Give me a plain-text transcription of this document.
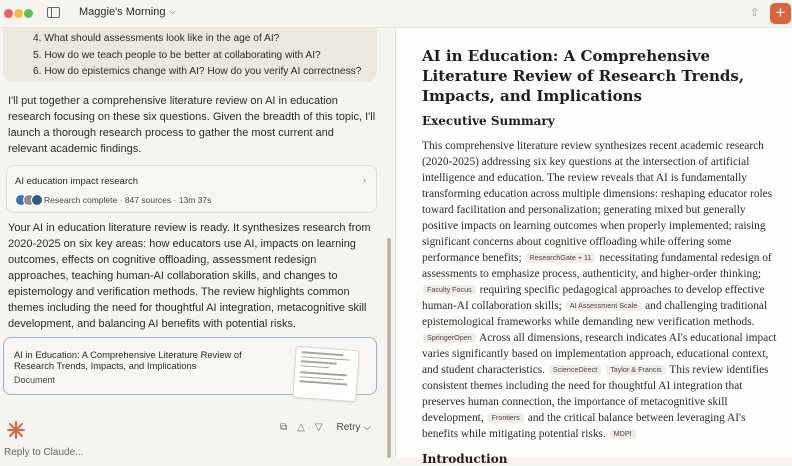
Maggie's Morning ⌵	⇧ +
4. What should assessments look like in the age of AI?
5. How do we teach people to be better at collaborating with AI?
6. How do epistemics change with AI? How do you verify AI correctness?

I'll put together a comprehensive literature review on AI in education research focusing on these six questions. Given the breadth of this topic, I'll launch a thorough research process to gather the most current and relevant academic findings.

AI education impact research	›
Research complete · 847 sources · 13m 37s

Your AI in education literature review is ready. It synthesizes research from 2020-2025 on six key areas: how educators use AI, impacts on learning outcomes, effects on cognitive offloading, assessment redesign approaches, teaching human-AI collaboration skills, and changes to epistemology and verification methods. The review highlights common themes including the need for thoughtful AI integration, metacognitive skill development, and balancing AI benefits with potential risks.

AI in Education: A Comprehensive Literature Review of Research Trends, Impacts, and Implications
Document
⧉ △ ▽ Retry ⌵
Reply to Claude...
AI in Education: A Comprehensive Literature Review of Research Trends, Impacts, and Implications
Executive Summary
This comprehensive literature review synthesizes recent academic research (2020-2025) addressing six key questions at the intersection of artificial intelligence and education. The review reveals that AI is fundamentally transforming education across multiple dimensions: reshaping educator roles toward facilitation and personalization; generating mixed but generally positive impacts on learning outcomes when properly implemented; raising significant concerns about cognitive offloading while offering some performance benefits; ResearchGate + 11 necessitating fundamental redesign of assessments to emphasize process, authenticity, and higher-order thinking; Faculty Focus requiring specific pedagogical approaches to develop effective human-AI collaboration skills; AI Assessment Scale and challenging traditional epistemological frameworks while demanding new verification methods. SpringerOpen Across all dimensions, research indicates AI's educational impact varies significantly based on implementation approach, educational context, and student characteristics. ScienceDirect Taylor & Francis This review identifies consistent themes including the need for thoughtful AI integration that preserves human connection, the importance of metacognitive skill development, Frontiers and the critical balance between leveraging AI's benefits while mitigating potential risks. MDPI
Introduction
